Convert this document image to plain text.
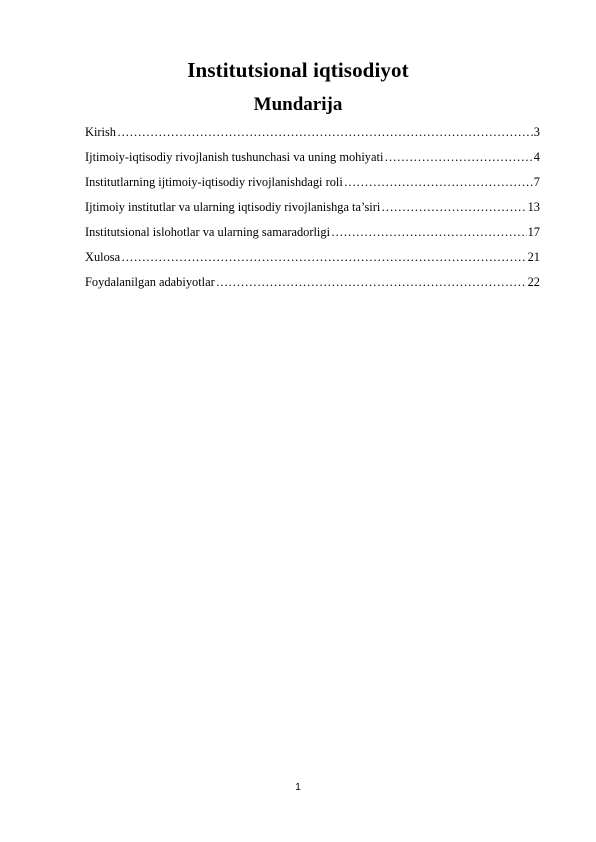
Institutsional iqtisodiyot
Mundarija
Kirish …………………………………………………………………………………………………………………………………………………………………………	3
Ijtimoiy-iqtisodiy rivojlanish tushunchasi va uning mohiyati …………………………………………………………………………………………………………………………………………………………………………	4
Institutlarning ijtimoiy-iqtisodiy rivojlanishdagi roli …………………………………………………………………………………………………………………………………………………………………………	7
Ijtimoiy institutlar va ularning iqtisodiy rivojlanishga ta’siri …………………………………………………………………………………………………………………………………………………………………………	13
Institutsional islohotlar va ularning samaradorligi …………………………………………………………………………………………………………………………………………………………………………	17
Xulosa …………………………………………………………………………………………………………………………………………………………………………	21
Foydalanilgan adabiyotlar …………………………………………………………………………………………………………………………………………………………………………	22
1
